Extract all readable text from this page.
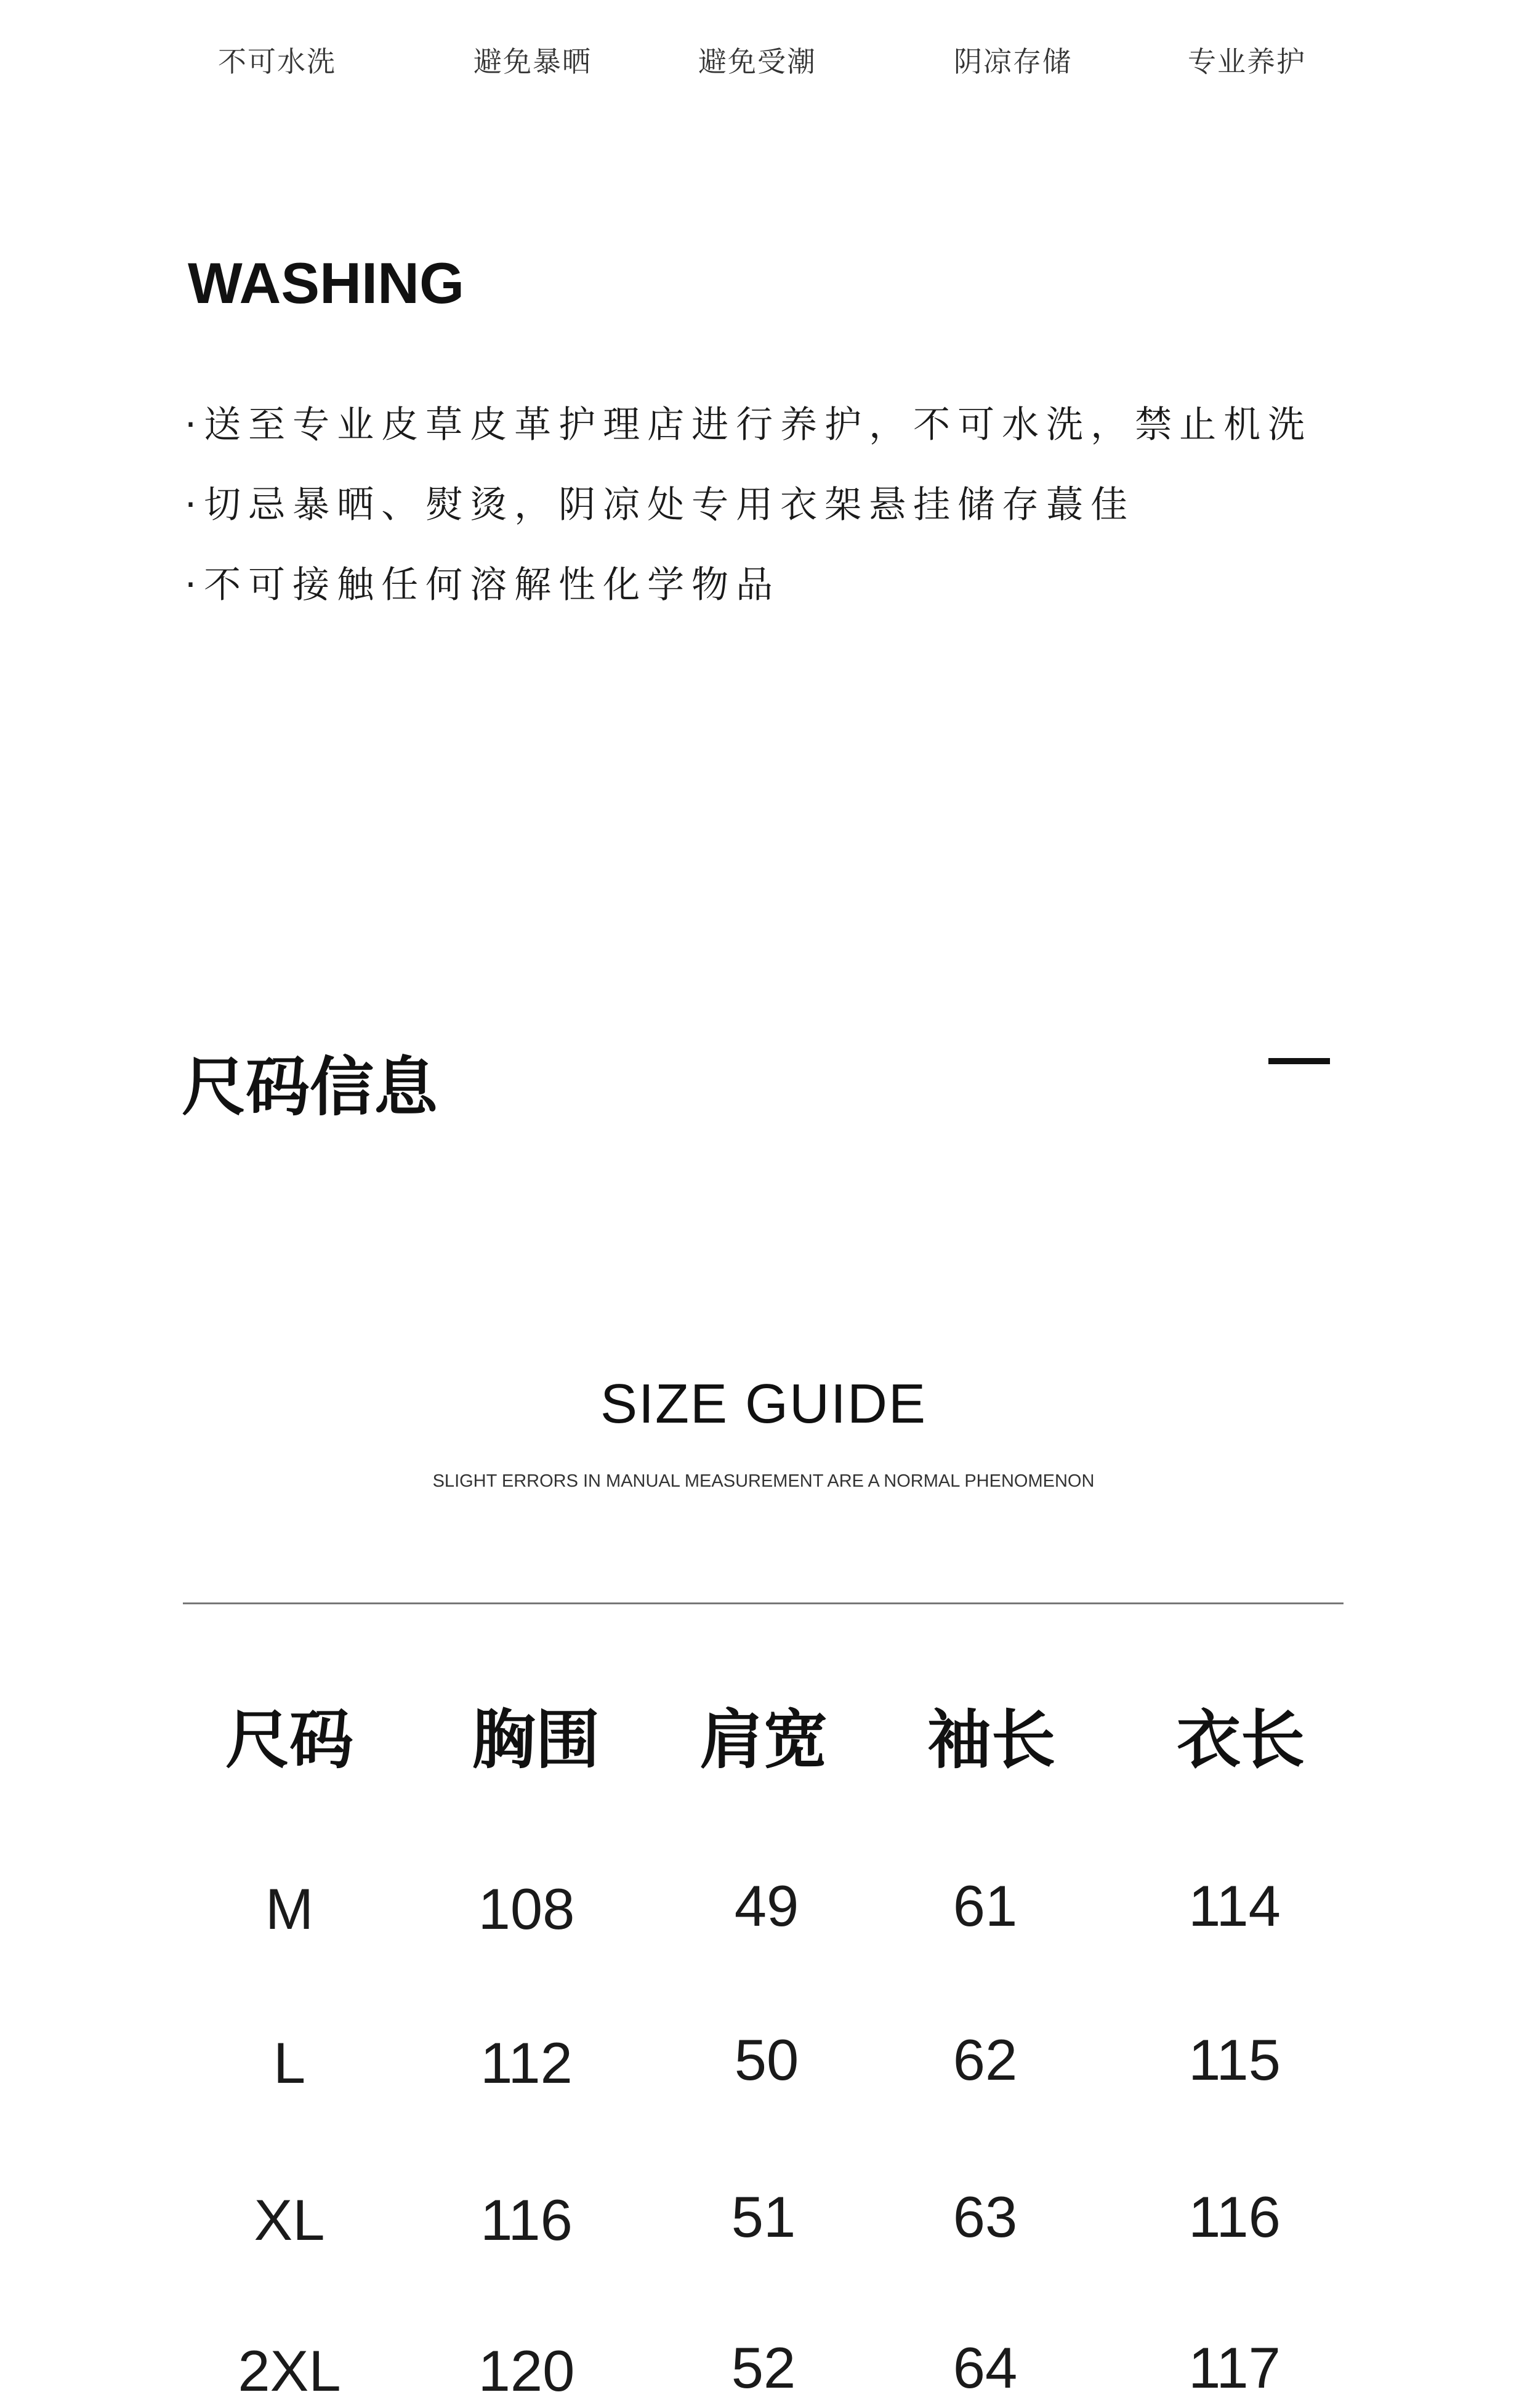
不可水洗	避免暴晒	避免受潮	阴凉存储	专业养护
WASHING
·送至专业皮草皮革护理店进行养护，不可水洗，禁止机洗
·切忌暴晒、熨烫，阴凉处专用衣架悬挂储存蕞佳
·不可接触任何溶解性化学物品
尺码信息
SIZE GUIDE
SLIGHT ERRORS IN MANUAL MEASUREMENT ARE A NORMAL PHENOMENON
尺码	胸围	肩宽	袖长	衣长
M	108	49	61	114
L	112	50	62	115
XL	116	51	63	116
2XL	120	52	64	117
